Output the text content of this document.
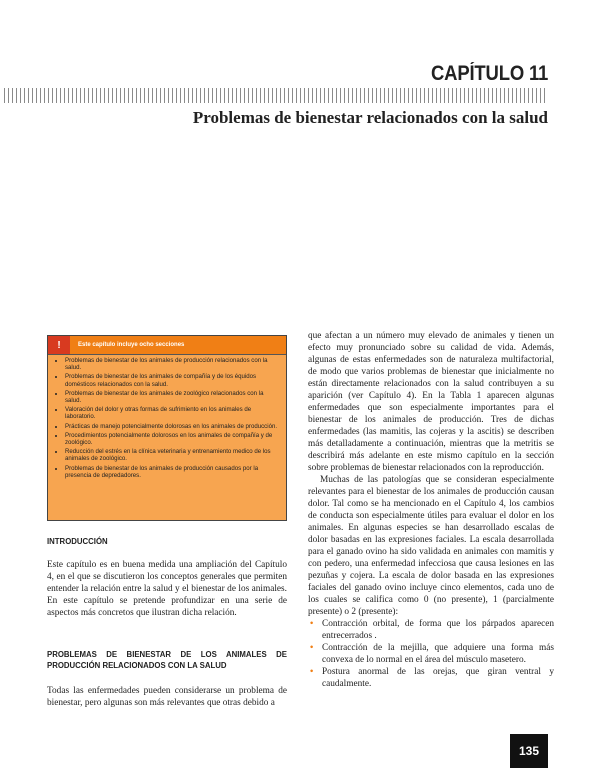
CAPÍTULO 11
Problemas de bienestar relacionados con la salud
!	Este capítulo incluye ocho secciones
• Problemas de bienestar de los animales de producción relacionados con la salud.
• Problemas de bienestar de los animales de compañía y de los équidos domésticos relacionados con la salud.
• Problemas de bienestar de los animales de zoológico relacionados con la salud.
• Valoración del dolor y otras formas de sufrimiento en los animales de laboratorio.
• Prácticas de manejo potencialmente dolorosas en los animales de producción.
• Procedimientos potencialmente dolorosos en los animales de compañía y de zoológico.
• Reducción del estrés en la clínica veterinaria y entrenamiento medico de los animales de zoológico.
• Problemas de bienestar de los animales de producción causados por la presencia de depredadores.
INTRODUCCIÓN

Este capítulo es en buena medida una ampliación del Capítulo 4, en el que se discutieron los conceptos generales que permiten entender la relación entre la salud y el bienestar de los animales. En este capítulo se pretende profundizar en una serie de aspectos más concretos que ilustran dicha relación.

PROBLEMAS DE BIENESTAR DE LOS ANIMALES DE PRODUCCIÓN RELACIONADOS CON LA SALUD

Todas las enfermedades pueden considerarse un problema de bienestar, pero algunas son más relevantes que otras debido a

que afectan a un número muy elevado de animales y tienen un efecto muy pronunciado sobre su calidad de vida. Además, algunas de estas enfermedades son de naturaleza multifactorial, de modo que varios problemas de bienestar que inicialmente no están directamente relacionados con la salud contribuyen a su aparición (ver Capítulo 4). En la Tabla 1 aparecen algunas enfermedades que son especialmente importantes para el bienestar de los animales de producción. Tres de dichas enfermedades (las mamitis, las cojeras y la ascitis) se describen más detalladamente a continuación, mientras que la metritis se describirá más adelante en este mismo capítulo en la sección sobre problemas de bienestar relacionados con la reproducción.

Muchas de las patologías que se consideran especialmente relevantes para el bienestar de los animales de producción causan dolor. Tal como se ha mencionado en el Capítulo 4, los cambios de conducta son especialmente útiles para evaluar el dolor en los animales. En algunas especies se han desarrollado escalas de dolor basadas en las expresiones faciales. La escala desarrollada para el ganado ovino ha sido validada en animales con mamitis y con pedero, una enfermedad infecciosa que causa lesiones en las pezuñas y cojera. La escala de dolor basada en las expresiones faciales del ganado ovino incluye cinco elementos, cada uno de los cuales se califica como 0 (no presente), 1 (parcialmente presente) o 2 (presente):

• Contracción orbital, de forma que los párpados aparecen entrecerrados .
• Contracción de la mejilla, que adquiere una forma más convexa de lo normal en el área del músculo masetero.
• Postura anormal de las orejas, que giran ventral y caudalmente.
135
